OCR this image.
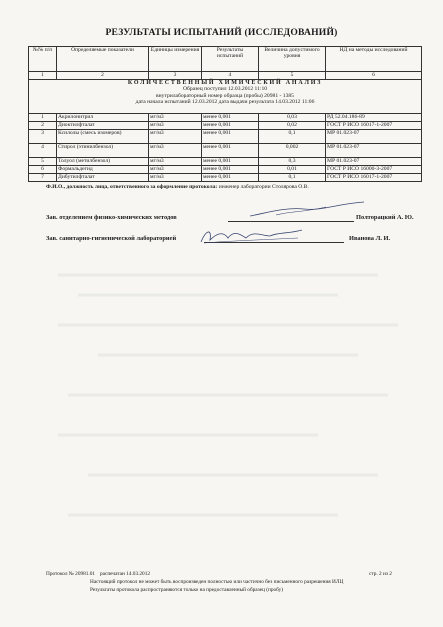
РЕЗУЛЬТАТЫ ИСПЫТАНИЙ (ИССЛЕДОВАНИЙ)
№№ п/п	Определяемые показатели	Единицы измерения	Результаты испытаний	Величина допустимого уровня	НД на методы исследований
1	2	3	4	5	6

КОЛИЧЕСТВЕННЫЙ ХИМИЧЕСКИЙ АНАЛИЗ
Образец поступил 12.03.2012 11:10
внутрилабораторный номер образца (пробы) 20981 - 1385
дата начала испытаний 12.03.2012 дата выдачи результата 14.03.2012 11:06					

1	Акрилонитрил	мг/м3	менее 0,001	0,03	РД 52.04.186-89
2	Диоктилфталат	мг/м3	менее 0,001	0,02	ГОСТ Р ИСО 16017-1-2007
3	Ксилолы (смесь изомеров)	мг/м3	менее 0,001	0,1	МР 01.023-07
4	Стирол (этинилбензол)	мг/м3	менее 0,001	0,002	МР 01.023-07
5	Толуол (метилбензол)	мг/м3	менее 0,001	0,3	МР 01.023-07
6	Формальдегид	мг/м3	менее 0,001	0,01	ГОСТ Р ИСО 16000-3-2007
7	Дибутилфталат	мг/м3	менее 0,001	0,1	ГОСТ Р ИСО 16017-1-2007
Ф.И.О., должность лица, ответственного за оформление протокола: инженер лаборатории Столярова О.В.
Зав. отделением физико-химических методов	Полторацкий А. Ю.
Зав. санитарно-гигиенической лабораторией	Иванова Л. И.
Протокол № 20981.01 распечатан 14.03.2012	стр. 2 из 2
Настоящий протокол не может быть воспроизведен полностью или частично без письменного разрешения ИЛЦ
Результаты протокола распространяются только на предоставленный образец (пробу)
